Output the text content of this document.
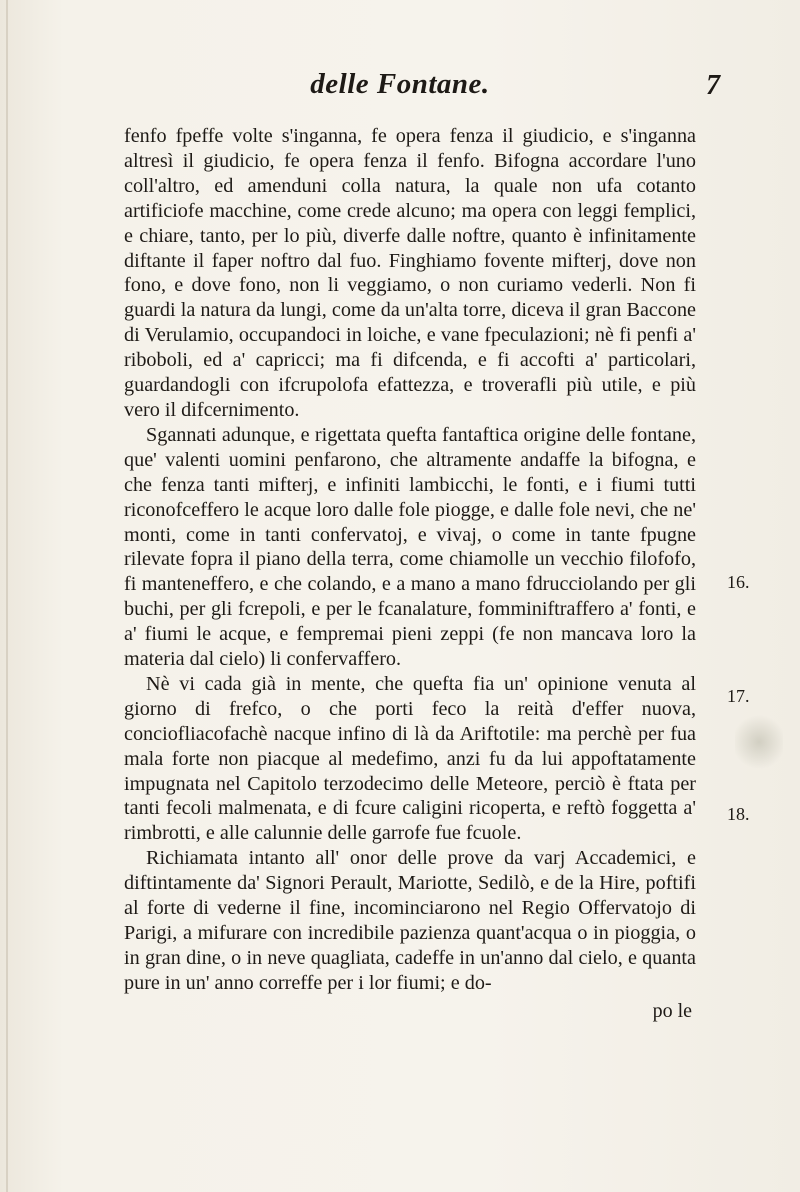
delle Fontane.	7

fenfo fpeffe volte s'inganna, fe opera fenza il giudicio, e s'inganna altresì il giudicio, fe opera fenza il fenfo. Bifogna accordare l'uno coll'altro, ed amenduni colla natura, la quale non ufa cotanto artificiofe macchine, come crede alcuno; ma opera con leggi femplici, e chiare, tanto, per lo più, diverfe dalle noftre, quanto è infinitamente diftante il faper noftro dal fuo. Finghiamo fovente mifterj, dove non fono, e dove fono, non li veggiamo, o non curiamo vederli. Non fi guardi la natura da lungi, come da un'alta torre, diceva il gran Baccone di Verulamio, occupandoci in loiche, e vane fpeculazioni; nè fi penfi a' riboboli, ed a' capricci; ma fi difcenda, e fi accofti a' particolari, guardandogli con ifcrupolofa efattezza, e troverafli più utile, e più vero il difcernimento.

Sgannati adunque, e rigettata quefta fantaftica origine delle fontane, que' valenti uomini penfarono, che altramente andaffe la bifogna, e che fenza tanti mifterj, e infiniti lambicchi, le fonti, e i fiumi tutti riconofceffero le acque loro dalle fole piogge, e dalle fole nevi, che ne' monti, come in tanti confervatoj, e vivaj, o come in tante fpugne rilevate fopra il piano della terra, come chiamolle un vecchio filofofo, fi manteneffero, e che colando, e a mano a mano fdrucciolando per gli buchi, per gli fcrepoli, e per le fcanalature, fomminiftraffero a' fonti, e a' fiumi le acque, e fempremai pieni zeppi (fe non mancava loro la materia dal cielo) li confervaffero.

Nè vi cada già in mente, che quefta fia un' opinione venuta al giorno di frefco, o che porti feco la reità d'effer nuova, conciofliacofachè nacque infino di là da Ariftotile: ma perchè per fua mala forte non piacque al medefimo, anzi fu da lui appoftatamente impugnata nel Capitolo terzodecimo delle Meteore, perciò è ftata per tanti fecoli malmenata, e di fcure caligini ricoperta, e reftò foggetta a' rimbrotti, e alle calunnie delle garrofe fue fcuole.

Richiamata intanto all' onor delle prove da varj Accademici, e diftintamente da' Signori Perault, Mariotte, Sedilò, e de la Hire, poftifi al forte di vederne il fine, incominciarono nel Regio Offervatojo di Parigi, a mifurare con incredibile pazienza quant'acqua o in pioggia, o in gran dine, o in neve quagliata, cadeffe in un'anno dal cielo, e quanta pure in un' anno correffe per i lor fiumi; e do-

16.
17.
18.
po le
